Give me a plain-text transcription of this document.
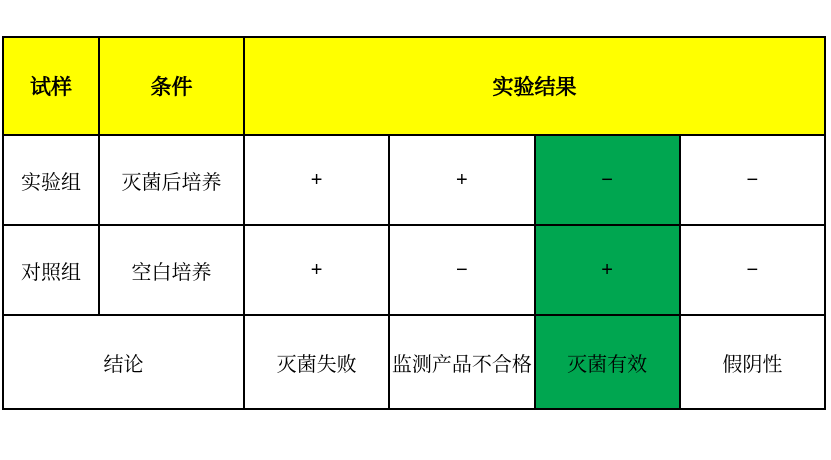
试样	条件	实验结果			
实验组	灭菌后培养	+	+	−	−
对照组	空白培养	+	−	+	−
结论		灭菌失败	监测产品不合格	灭菌有效	假阴性
